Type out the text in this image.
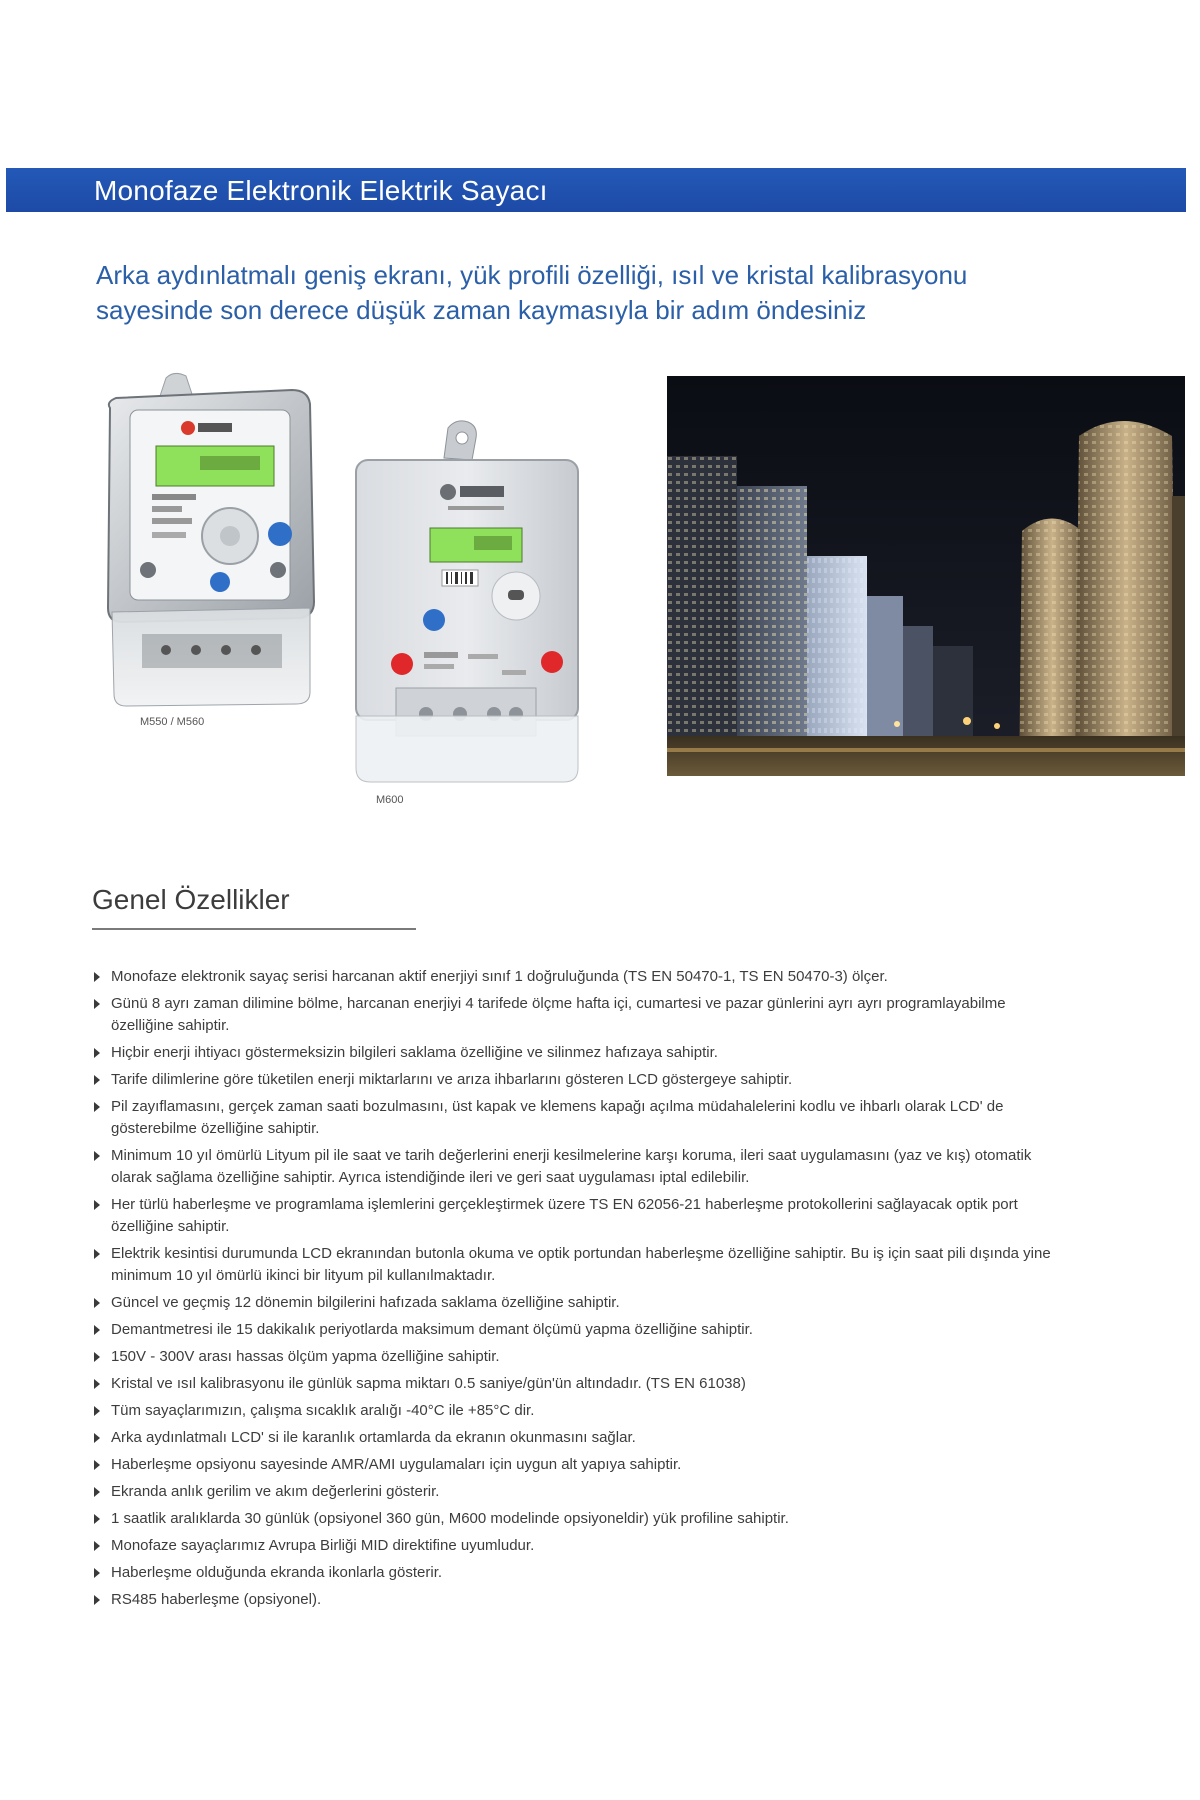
Monofaze Elektronik Elektrik Sayacı
Arka aydınlatmalı geniş ekranı, yük profili özelliği, ısıl ve kristal kalibrasyonu
sayesinde son derece düşük zaman kaymasıyla bir adım öndesiniz
M550 / M560
M600
Genel Özellikler
Monofaze elektronik sayaç serisi harcanan aktif enerjiyi sınıf 1 doğruluğunda (TS EN 50470-1, TS EN 50470-3) ölçer.
Günü 8 ayrı zaman dilimine bölme, harcanan enerjiyi 4 tarifede ölçme hafta içi, cumartesi ve pazar günlerini ayrı ayrı programlayabilme özelliğine sahiptir.
Hiçbir enerji ihtiyacı göstermeksizin bilgileri saklama özelliğine ve silinmez hafızaya sahiptir.
Tarife dilimlerine göre tüketilen enerji miktarlarını ve arıza ihbarlarını gösteren LCD göstergeye sahiptir.
Pil zayıflamasını, gerçek zaman saati bozulmasını, üst kapak ve klemens kapağı açılma müdahalelerini kodlu ve ihbarlı olarak LCD' de gösterebilme özelliğine sahiptir.
Minimum 10 yıl ömürlü Lityum pil ile saat ve tarih değerlerini enerji kesilmelerine karşı koruma, ileri saat uygulamasını (yaz ve kış) otomatik olarak sağlama özelliğine sahiptir. Ayrıca istendiğinde ileri ve geri saat uygulaması iptal edilebilir.
Her türlü haberleşme ve programlama işlemlerini gerçekleştirmek üzere TS EN 62056-21 haberleşme protokollerini sağlayacak optik port özelliğine sahiptir.
Elektrik kesintisi durumunda LCD ekranından butonla okuma ve optik portundan haberleşme özelliğine sahiptir. Bu iş için saat pili dışında yine minimum 10 yıl ömürlü ikinci bir lityum pil kullanılmaktadır.
Güncel ve geçmiş 12 dönemin bilgilerini hafızada saklama özelliğine sahiptir.
Demantmetresi ile 15 dakikalık periyotlarda maksimum demant ölçümü yapma özelliğine sahiptir.
150V - 300V arası hassas ölçüm yapma özelliğine sahiptir.
Kristal ve ısıl kalibrasyonu ile günlük sapma miktarı 0.5 saniye/gün'ün altındadır. (TS EN 61038)
Tüm sayaçlarımızın, çalışma sıcaklık aralığı -40°C ile +85°C dir.
Arka aydınlatmalı LCD' si ile karanlık ortamlarda da ekranın okunmasını sağlar.
Haberleşme opsiyonu sayesinde AMR/AMI uygulamaları için uygun alt yapıya sahiptir.
Ekranda anlık gerilim ve akım değerlerini gösterir.
1 saatlik aralıklarda 30 günlük (opsiyonel 360 gün, M600 modelinde opsiyoneldir) yük profiline sahiptir.
Monofaze sayaçlarımız Avrupa Birliği MID direktifine uyumludur.
Haberleşme olduğunda ekranda ikonlarla gösterir.
RS485 haberleşme (opsiyonel).
